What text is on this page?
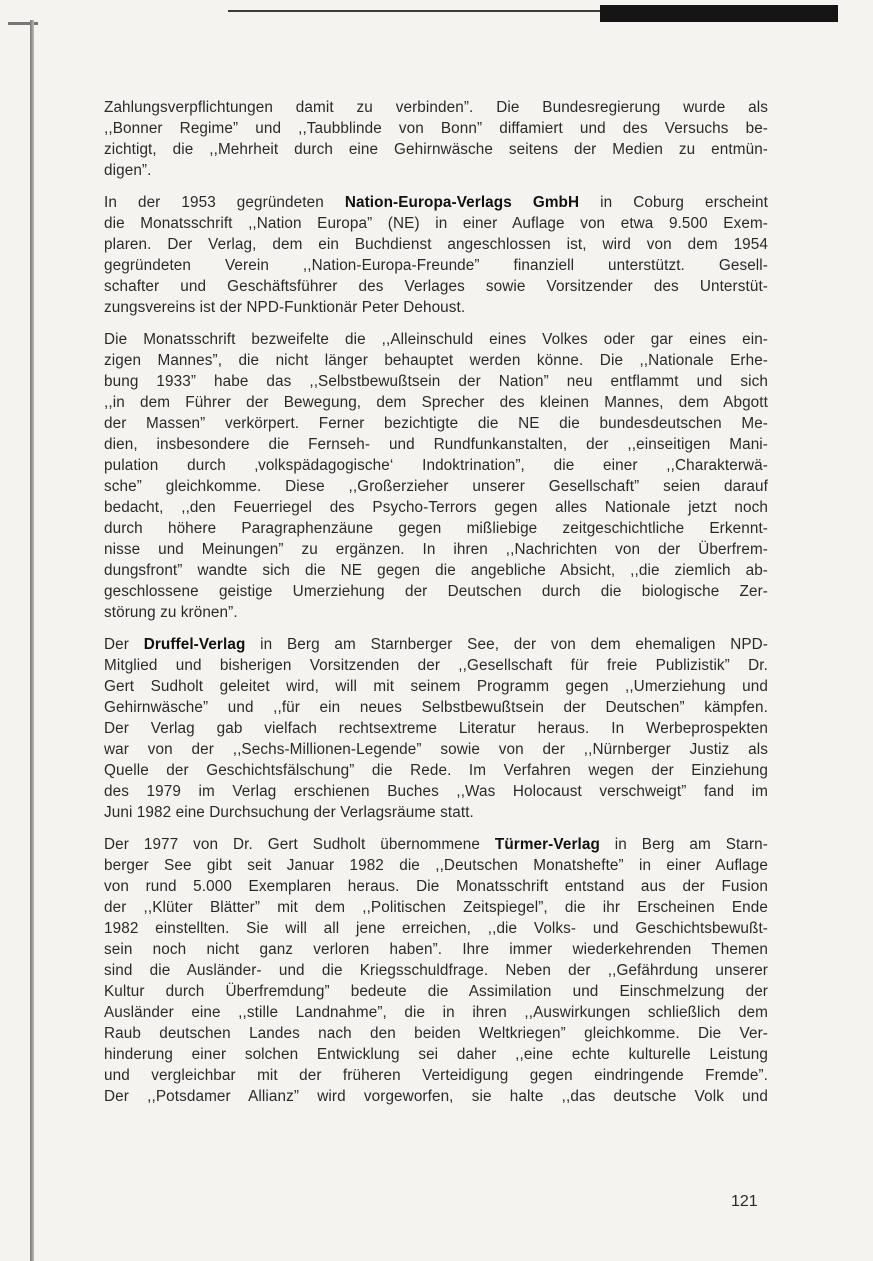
Zahlungsverpflichtungen damit zu verbinden”. Die Bundesregierung wurde als
,,Bonner Regime” und ,,Taubblinde von Bonn” diffamiert und des Versuchs be-
zichtigt, die ,,Mehrheit durch eine Gehirnwäsche seitens der Medien zu entmün-
digen”.

In der 1953 gegründeten Nation-Europa-Verlags GmbH in Coburg erscheint
die Monatsschrift ,,Nation Europa” (NE) in einer Auflage von etwa 9.500 Exem-
plaren. Der Verlag, dem ein Buchdienst angeschlossen ist, wird von dem 1954
gegründeten Verein ,,Nation-Europa-Freunde” finanziell unterstützt. Gesell-
schafter und Geschäftsführer des Verlages sowie Vorsitzender des Unterstüt-
zungsvereins ist der NPD-Funktionär Peter Dehoust.

Die Monatsschrift bezweifelte die ,,Alleinschuld eines Volkes oder gar eines ein-
zigen Mannes”, die nicht länger behauptet werden könne. Die ,,Nationale Erhe-
bung 1933” habe das ,,Selbstbewußtsein der Nation” neu entflammt und sich
,,in dem Führer der Bewegung, dem Sprecher des kleinen Mannes, dem Abgott
der Massen” verkörpert. Ferner bezichtigte die NE die bundesdeutschen Me-
dien, insbesondere die Fernseh- und Rundfunkanstalten, der ,,einseitigen Mani-
pulation durch ‚volkspädagogische‘ Indoktrination”, die einer ,,Charakterwä-
sche” gleichkomme. Diese ,,Großerzieher unserer Gesellschaft” seien darauf
bedacht, ,,den Feuerriegel des Psycho-Terrors gegen alles Nationale jetzt noch
durch höhere Paragraphenzäune gegen mißliebige zeitgeschichtliche Erkennt-
nisse und Meinungen” zu ergänzen. In ihren ,,Nachrichten von der Überfrem-
dungsfront” wandte sich die NE gegen die angebliche Absicht, ,,die ziemlich ab-
geschlossene geistige Umerziehung der Deutschen durch die biologische Zer-
störung zu krönen”.

Der Druffel-Verlag in Berg am Starnberger See, der von dem ehemaligen NPD-
Mitglied und bisherigen Vorsitzenden der ,,Gesellschaft für freie Publizistik” Dr.
Gert Sudholt geleitet wird, will mit seinem Programm gegen ,,Umerziehung und
Gehirnwäsche” und ,,für ein neues Selbstbewußtsein der Deutschen” kämpfen.
Der Verlag gab vielfach rechtsextreme Literatur heraus. In Werbeprospekten
war von der ,,Sechs-Millionen-Legende” sowie von der ,,Nürnberger Justiz als
Quelle der Geschichtsfälschung” die Rede. Im Verfahren wegen der Einziehung
des 1979 im Verlag erschienen Buches ,,Was Holocaust verschweigt” fand im
Juni 1982 eine Durchsuchung der Verlagsräume statt.

Der 1977 von Dr. Gert Sudholt übernommene Türmer-Verlag in Berg am Starn-
berger See gibt seit Januar 1982 die ,,Deutschen Monatshefte” in einer Auflage
von rund 5.000 Exemplaren heraus. Die Monatsschrift entstand aus der Fusion
der ,,Klüter Blätter” mit dem ,,Politischen Zeitspiegel”, die ihr Erscheinen Ende
1982 einstellten. Sie will all jene erreichen, ,,die Volks- und Geschichtsbewußt-
sein noch nicht ganz verloren haben”. Ihre immer wiederkehrenden Themen
sind die Ausländer- und die Kriegsschuldfrage. Neben der ,,Gefährdung unserer
Kultur durch Überfremdung” bedeute die Assimilation und Einschmelzung der
Ausländer eine ,,stille Landnahme”, die in ihren ,,Auswirkungen schließlich dem
Raub deutschen Landes nach den beiden Weltkriegen” gleichkomme. Die Ver-
hinderung einer solchen Entwicklung sei daher ,,eine echte kulturelle Leistung
und vergleichbar mit der früheren Verteidigung gegen eindringende Fremde”.
Der ,,Potsdamer Allianz” wird vorgeworfen, sie halte ,,das deutsche Volk und

121
